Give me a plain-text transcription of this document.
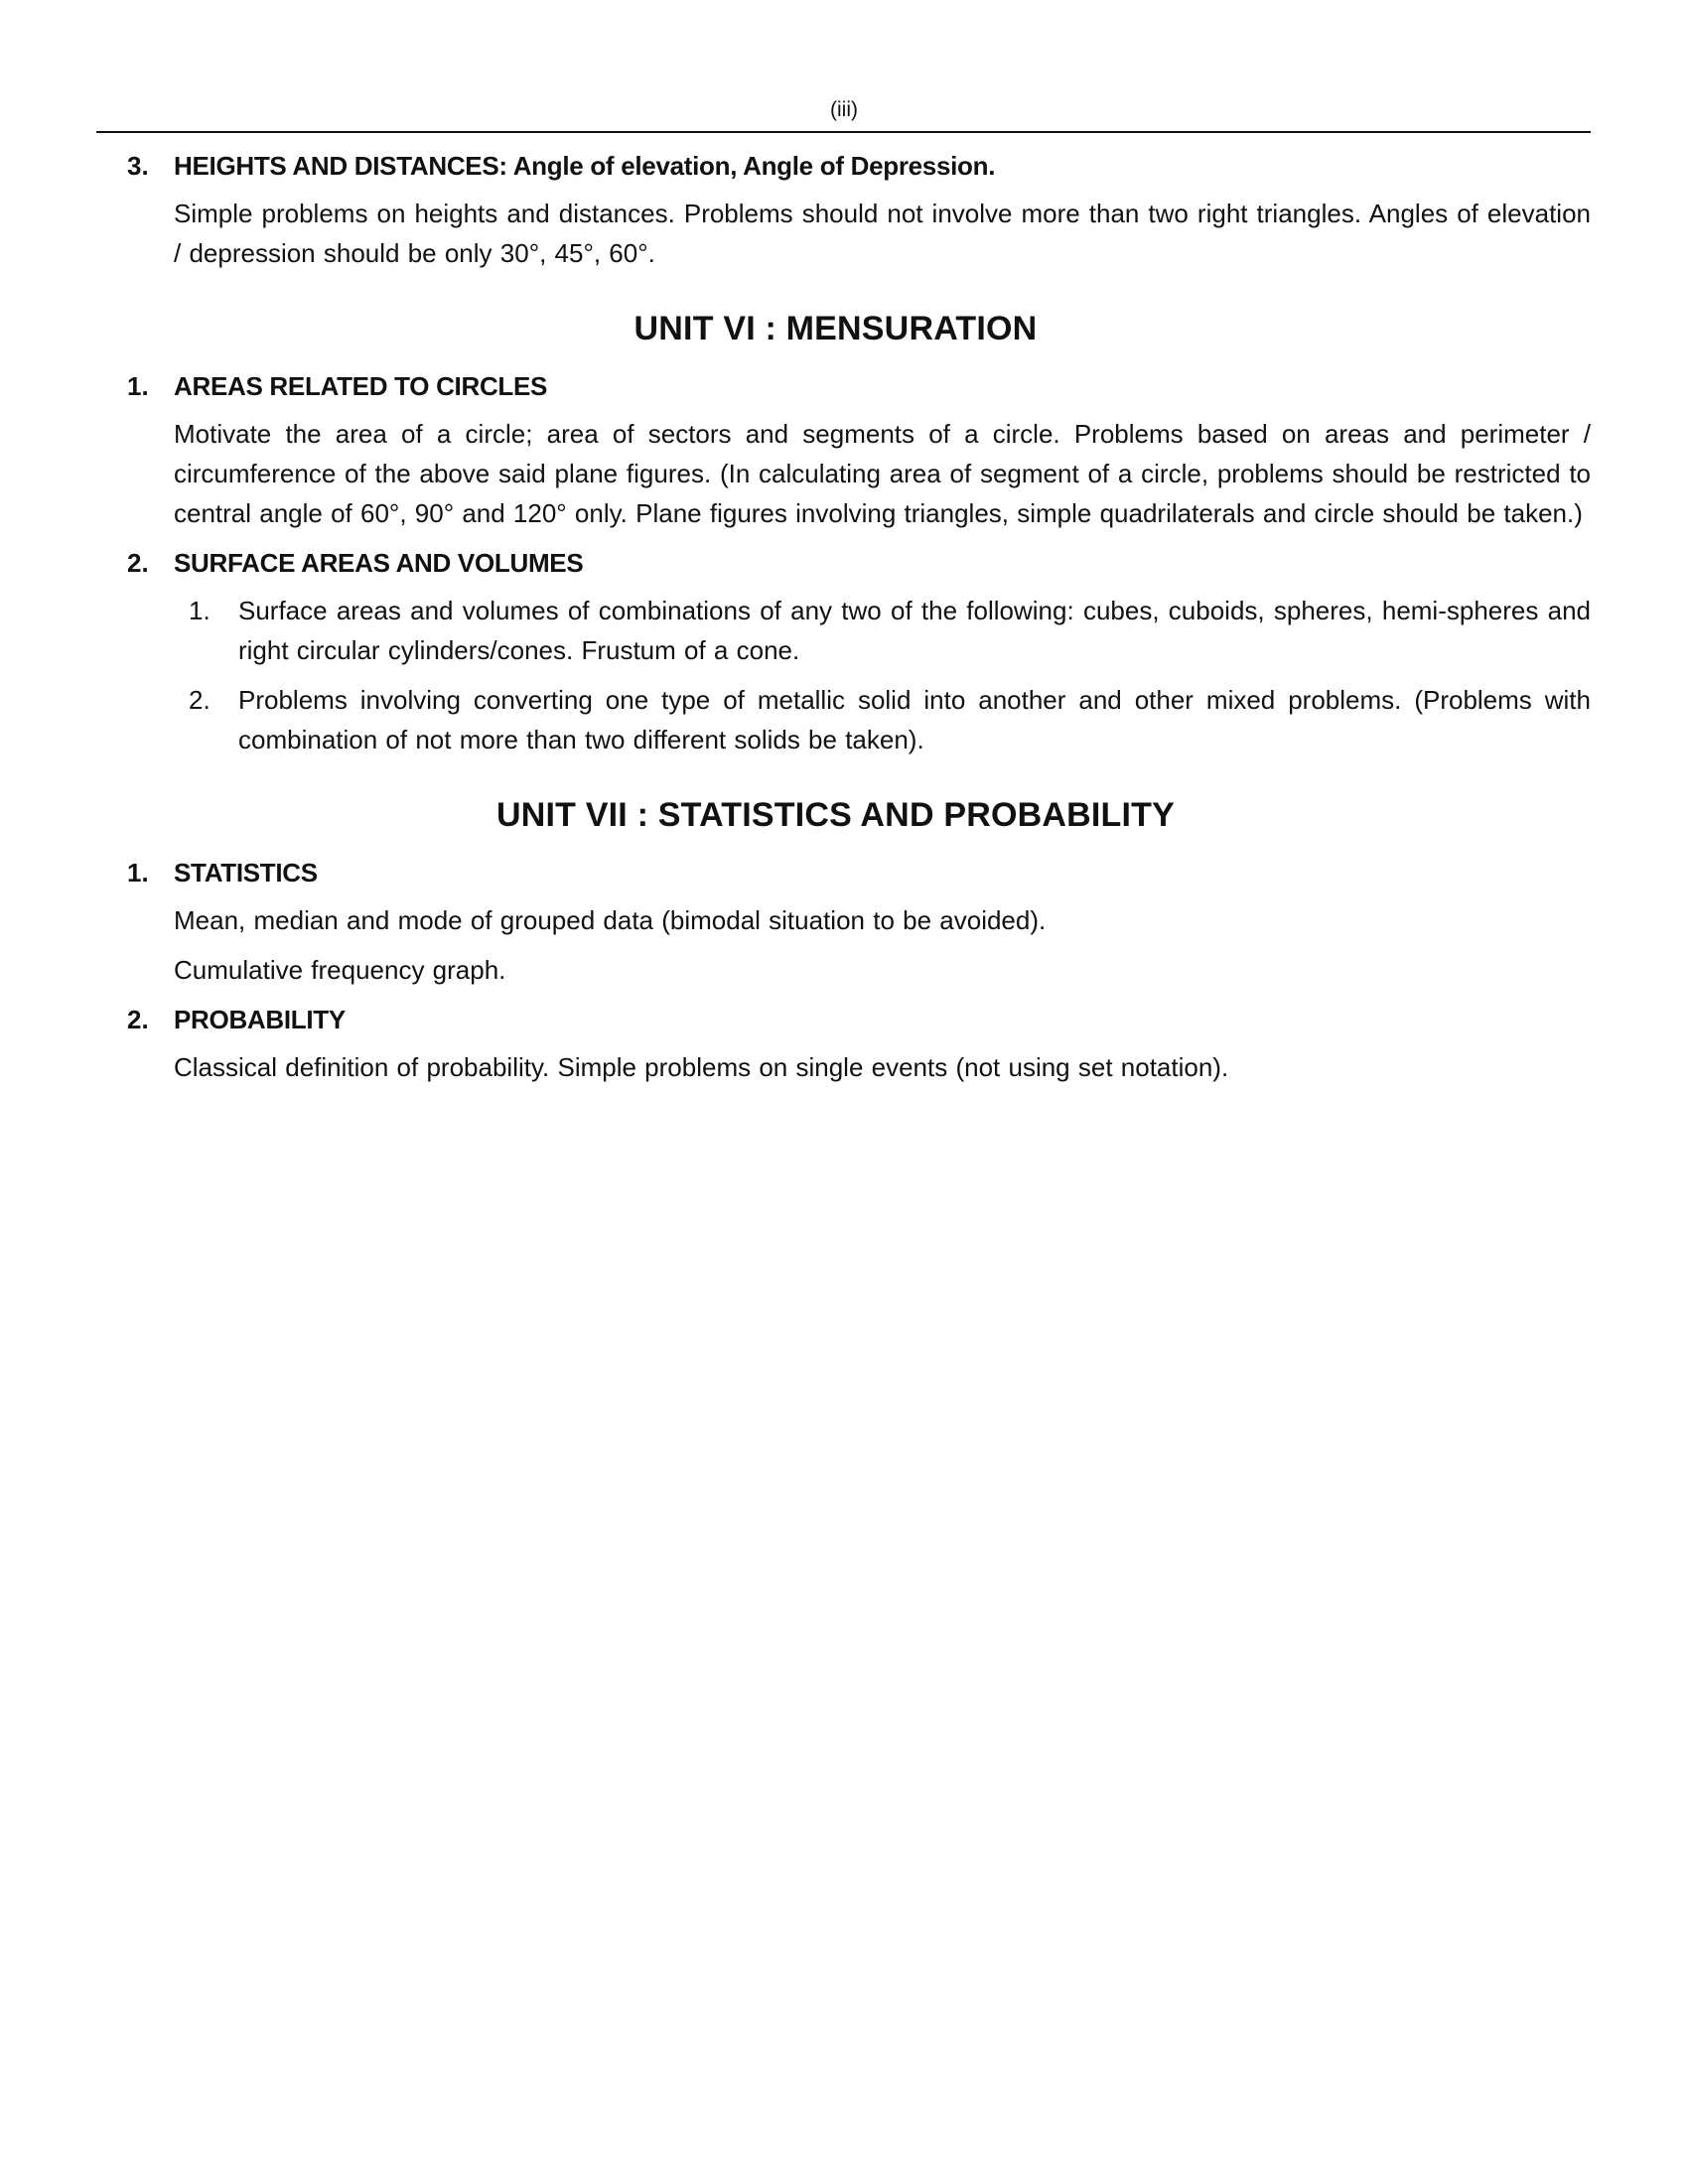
(iii)
3. HEIGHTS AND DISTANCES: Angle of elevation, Angle of Depression.

Simple problems on heights and distances. Problems should not involve more than two right triangles. Angles of elevation / depression should be only 30°, 45°, 60°.

UNIT VI : MENSURATION
1. AREAS RELATED TO CIRCLES

Motivate the area of a circle; area of sectors and segments of a circle. Problems based on areas and perimeter / circumference of the above said plane figures. (In calculating area of segment of a circle, problems should be restricted to central angle of 60°, 90° and 120° only. Plane figures involving triangles, simple quadrilaterals and circle should be taken.)

2. SURFACE AREAS AND VOLUMES
1.	Surface areas and volumes of combinations of any two of the following: cubes, cuboids, spheres, hemi-spheres and right circular cylinders/cones. Frustum of a cone.
2.	Problems involving converting one type of metallic solid into another and other mixed problems. (Problems with combination of not more than two different solids be taken).
UNIT VII : STATISTICS AND PROBABILITY
1. STATISTICS

Mean, median and mode of grouped data (bimodal situation to be avoided).

Cumulative frequency graph.

2. PROBABILITY

Classical definition of probability. Simple problems on single events (not using set notation).
